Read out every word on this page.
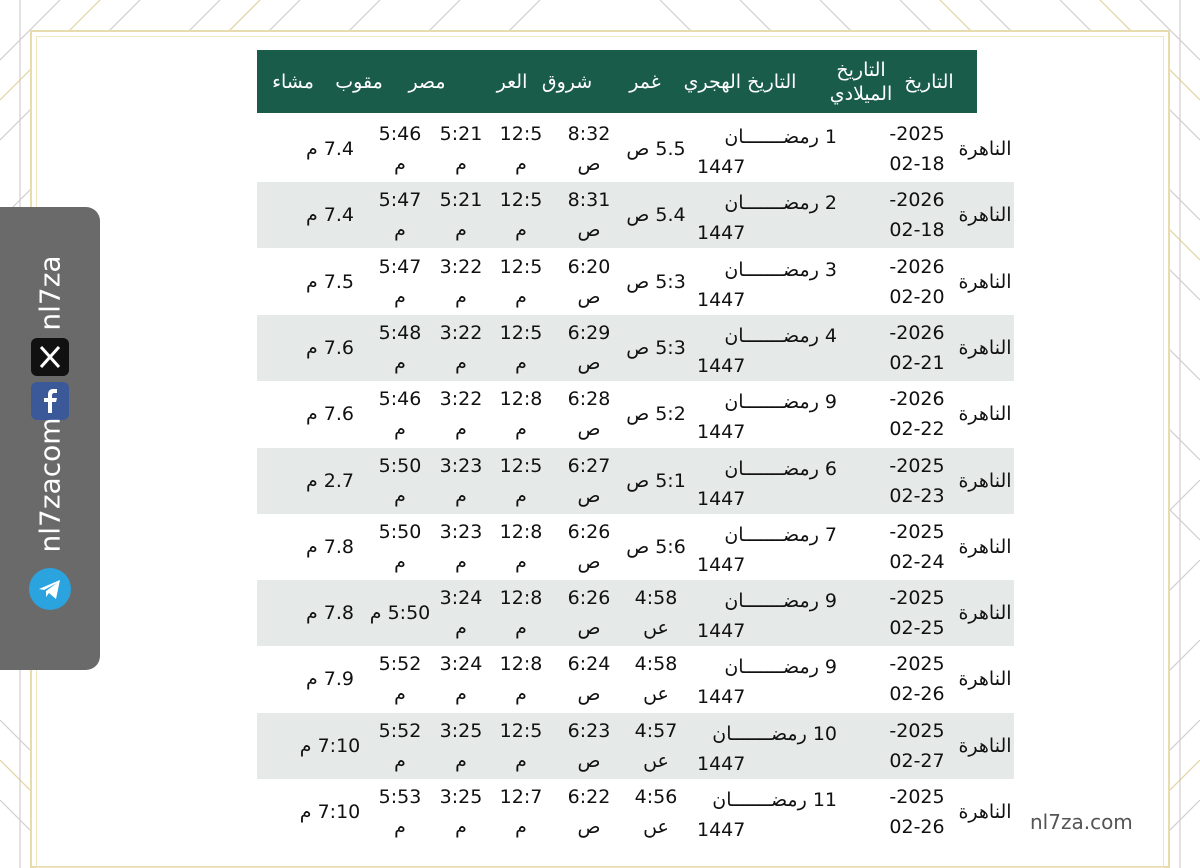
التاريخ
التاريخ
الميلادي
التاريخ الهجري
غمر
شروق
العر
مصر
مقوب
مشاء
الناهرة
2025-
02-18
5.5 ص
8:32
ص
12:5
م
5:21
م
5:46
م
7.4 م
1 رمضـــــــان
1447
الناهرة
2026-
02-18
5.4 ص
8:31
ص
12:5
م
5:21
م
5:47
م
7.4 م
2 رمضـــــــان
1447
الناهرة
2026-
02-20
5:3 ص
6:20
ص
12:5
م
3:22
م
5:47
م
7.5 م
3 رمضـــــــان
1447
الناهرة
2026-
02-21
5:3 ص
6:29
ص
12:5
م
3:22
م
5:48
م
7.6 م
4 رمضـــــــان
1447
الناهرة
2026-
02-22
5:2 ص
6:28
ص
12:8
م
3:22
م
5:46
م
7.6 م
9 رمضـــــــان
1447
الناهرة
2025-
02-23
5:1 ص
6:27
ص
12:5
م
3:23
م
5:50
م
2.7 م
6 رمضـــــــان
1447
الناهرة
2025-
02-24
5:6 ص
6:26
ص
12:8
م
3:23
م
5:50
م
7.8 م
7 رمضـــــــان
1447
الناهرة
2025-
02-25
4:58
عں
6:26
ص
12:8
م
3:24
م
5:50 م
7.8 م
9 رمضـــــــان
1447
الناهرة
2025-
02-26
4:58
عں
6:24
ص
12:8
م
3:24
م
5:52
م
7.9 م
9 رمضـــــــان
1447
الناهرة
2025-
02-27
4:57
عں
6:23
ص
12:5
م
3:25
م
5:52
م
7:10 م
10 رمضـــــــان
1447
الناهرة
2025-
02-26
4:56
عں
6:22
ص
12:7
م
3:25
م
5:53
م
7:10 م
11 رمضـــــــان
1447
nl7za
nl7zacom
nl7za.com
